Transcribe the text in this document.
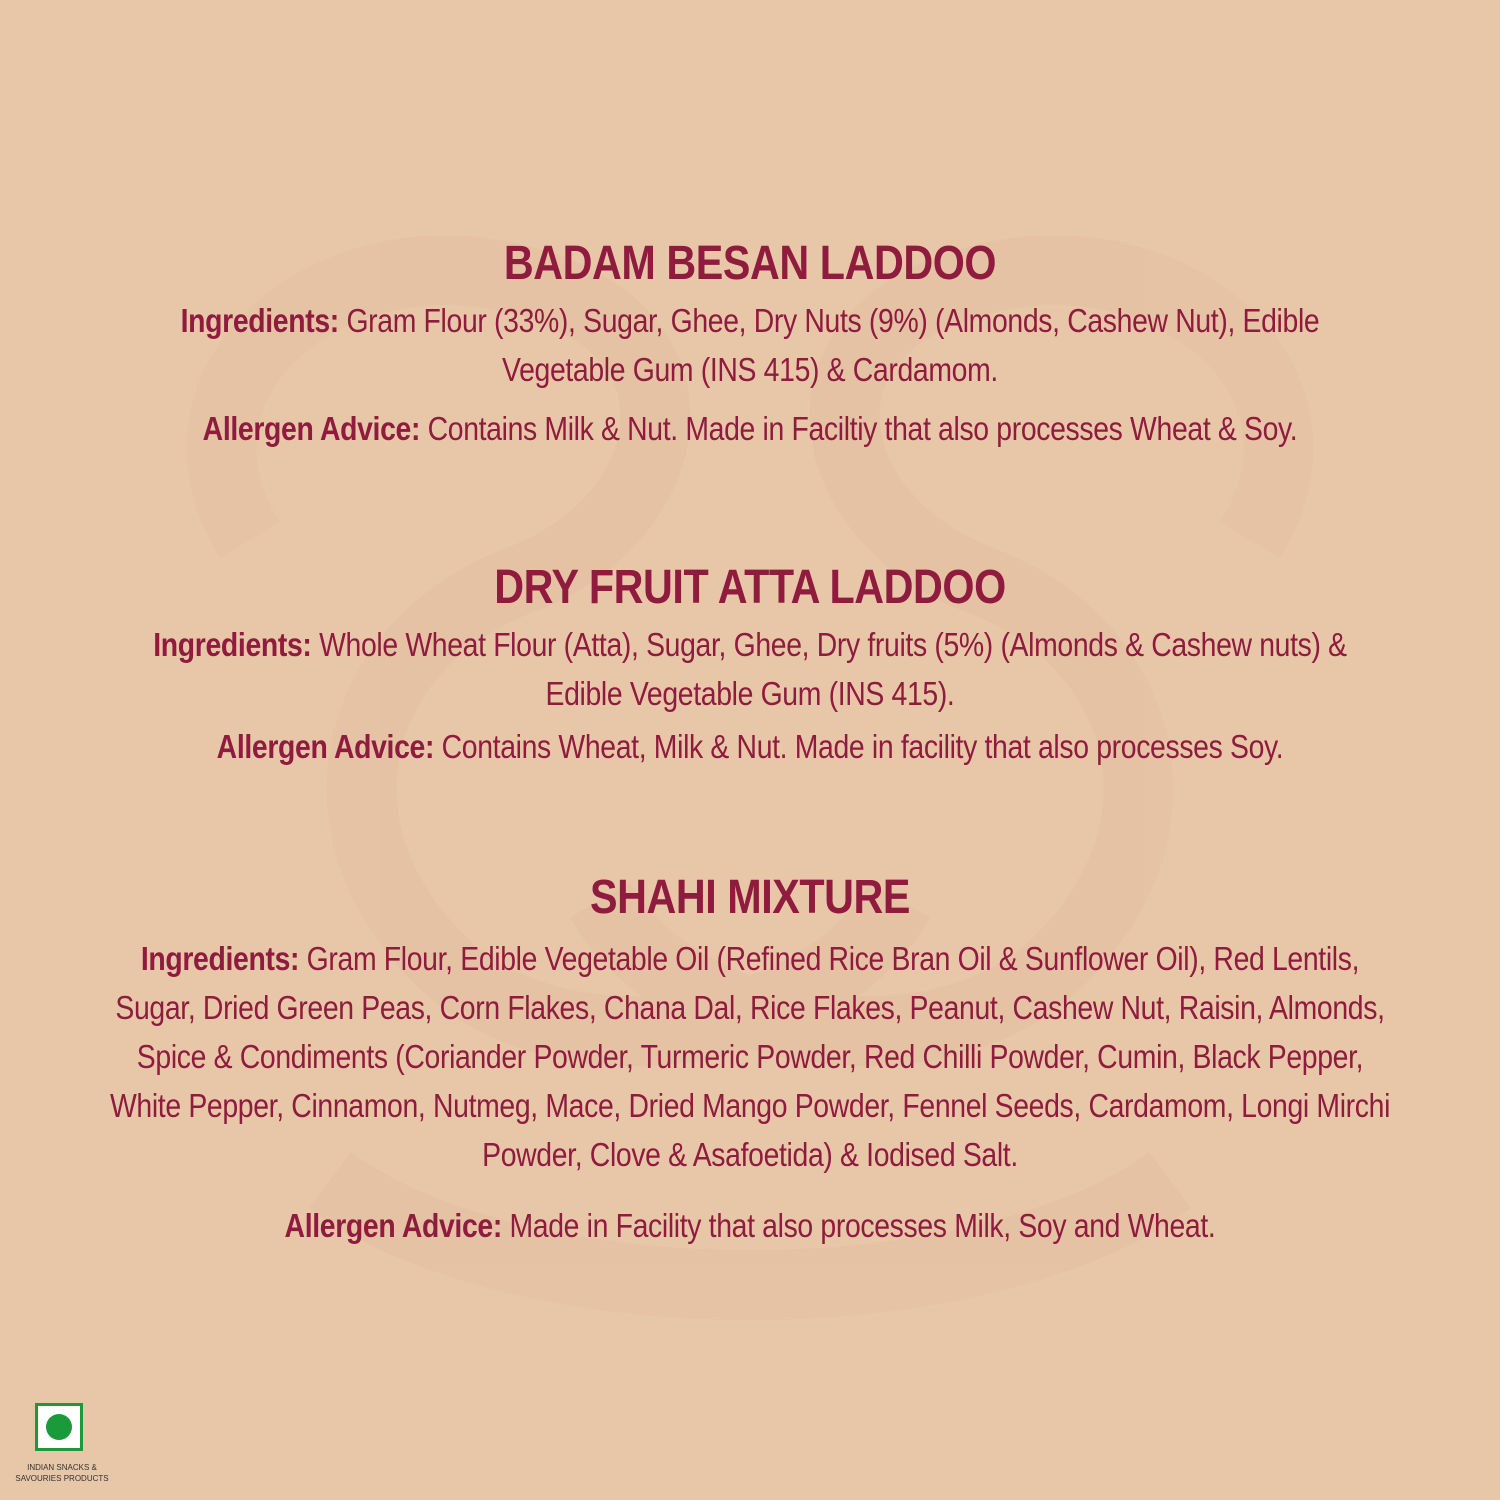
BADAM BESAN LADDOO

Ingredients: Gram Flour (33%), Sugar, Ghee, Dry Nuts (9%) (Almonds, Cashew Nut), Edible Vegetable Gum (INS 415) & Cardamom.

Allergen Advice: Contains Milk & Nut. Made in Faciltiy that also processes Wheat & Soy.

DRY FRUIT ATTA LADDOO

Ingredients: Whole Wheat Flour (Atta), Sugar, Ghee, Dry fruits (5%) (Almonds & Cashew nuts) & Edible Vegetable Gum (INS 415).

Allergen Advice: Contains Wheat, Milk & Nut. Made in facility that also processes Soy.

SHAHI MIXTURE

Ingredients: Gram Flour, Edible Vegetable Oil (Refined Rice Bran Oil & Sunflower Oil), Red Lentils, Sugar, Dried Green Peas, Corn Flakes, Chana Dal, Rice Flakes, Peanut, Cashew Nut, Raisin, Almonds, Spice & Condiments (Coriander Powder, Turmeric Powder, Red Chilli Powder, Cumin, Black Pepper, White Pepper, Cinnamon, Nutmeg, Mace, Dried Mango Powder, Fennel Seeds, Cardamom, Longi Mirchi Powder, Clove & Asafoetida) & Iodised Salt.

Allergen Advice: Made in Facility that also processes Milk, Soy and Wheat.

INDIAN SNACKS &
SAVOURIES PRODUCTS
